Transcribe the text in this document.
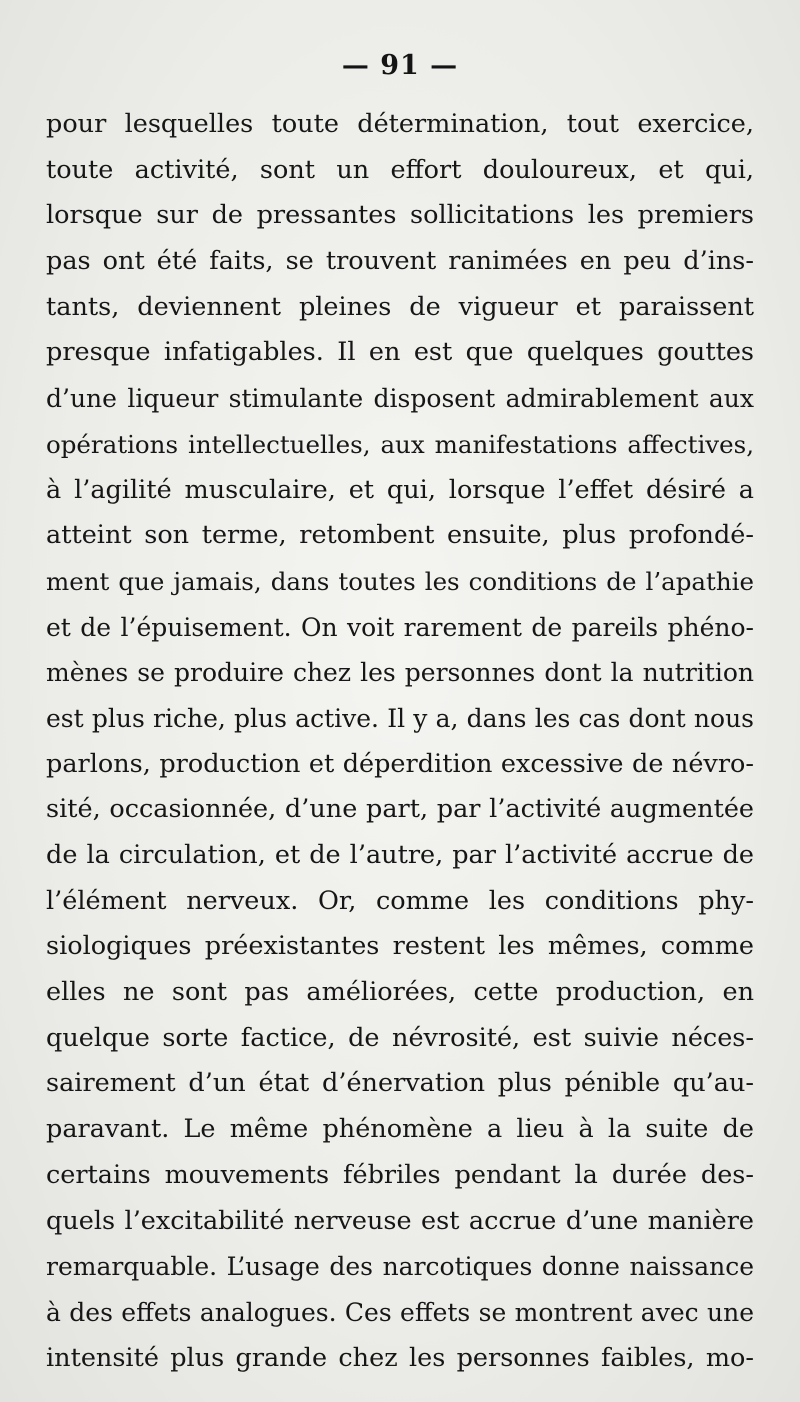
— 91 —
pour lesquelles toute détermination, tout exercice,
toute activité, sont un effort douloureux, et qui,
lorsque sur de pressantes sollicitations les premiers
pas ont été faits, se trouvent ranimées en peu d’ins-
tants, deviennent pleines de vigueur et paraissent
presque infatigables. Il en est que quelques gouttes
d’une liqueur stimulante disposent admirablement aux
opérations intellectuelles, aux manifestations affectives,
à l’agilité musculaire, et qui, lorsque l’effet désiré a
atteint son terme, retombent ensuite, plus profondé-
ment que jamais, dans toutes les conditions de l’apathie
et de l’épuisement. On voit rarement de pareils phéno-
mènes se produire chez les personnes dont la nutrition
est plus riche, plus active. Il y a, dans les cas dont nous
parlons, production et déperdition excessive de névro-
sité, occasionnée, d’une part, par l’activité augmentée
de la circulation, et de l’autre, par l’activité accrue de
l’élément nerveux. Or, comme les conditions phy-
siologiques préexistantes restent les mêmes, comme
elles ne sont pas améliorées, cette production, en
quelque sorte factice, de névrosité, est suivie néces-
sairement d’un état d’énervation plus pénible qu’au-
paravant. Le même phénomène a lieu à la suite de
certains mouvements fébriles pendant la durée des-
quels l’excitabilité nerveuse est accrue d’une manière
remarquable. L’usage des narcotiques donne naissance
à des effets analogues. Ces effets se montrent avec une
intensité plus grande chez les personnes faibles, mo-
